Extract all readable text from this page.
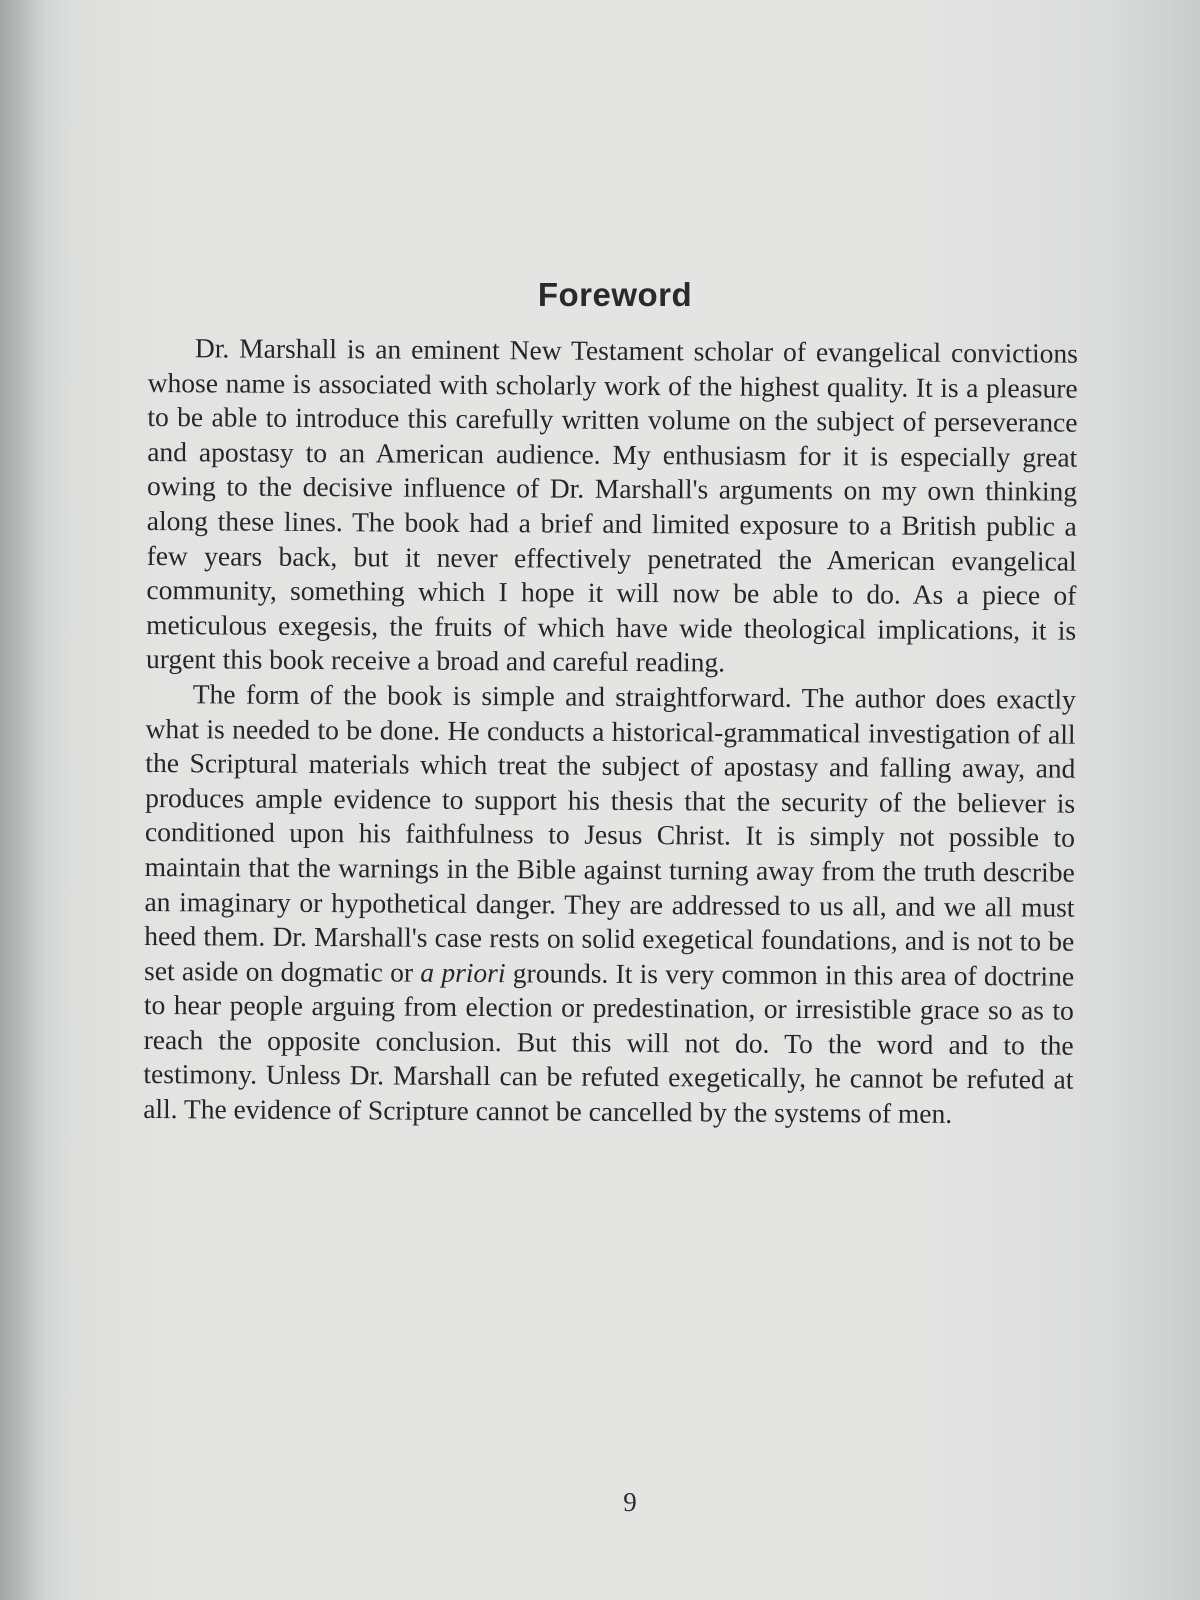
Foreword

Dr. Marshall is an eminent New Testament scholar of evangelical convictions whose name is associated with scholarly work of the highest quality. It is a pleasure to be able to introduce this carefully written volume on the subject of perseverance and apostasy to an American audience. My enthusiasm for it is especially great owing to the decisive influence of Dr. Marshall's arguments on my own thinking along these lines. The book had a brief and limited exposure to a British public a few years back, but it never effectively penetrated the American evangelical community, something which I hope it will now be able to do. As a piece of meticulous exegesis, the fruits of which have wide theological implications, it is urgent this book receive a broad and careful reading.

The form of the book is simple and straightforward. The author does exactly what is needed to be done. He conducts a historical-grammatical investigation of all the Scriptural materials which treat the subject of apostasy and falling away, and produces ample evidence to support his thesis that the security of the believer is conditioned upon his faithfulness to Jesus Christ. It is simply not possible to maintain that the warnings in the Bible against turning away from the truth describe an imaginary or hypothetical danger. They are addressed to us all, and we all must heed them. Dr. Marshall's case rests on solid exegetical foundations, and is not to be set aside on dogmatic or a priori grounds. It is very common in this area of doctrine to hear people arguing from election or predestination, or irresistible grace so as to reach the opposite conclusion. But this will not do. To the word and to the testimony. Unless Dr. Marshall can be refuted exegetically, he cannot be refuted at all. The evidence of Scripture cannot be cancelled by the systems of men.

9
